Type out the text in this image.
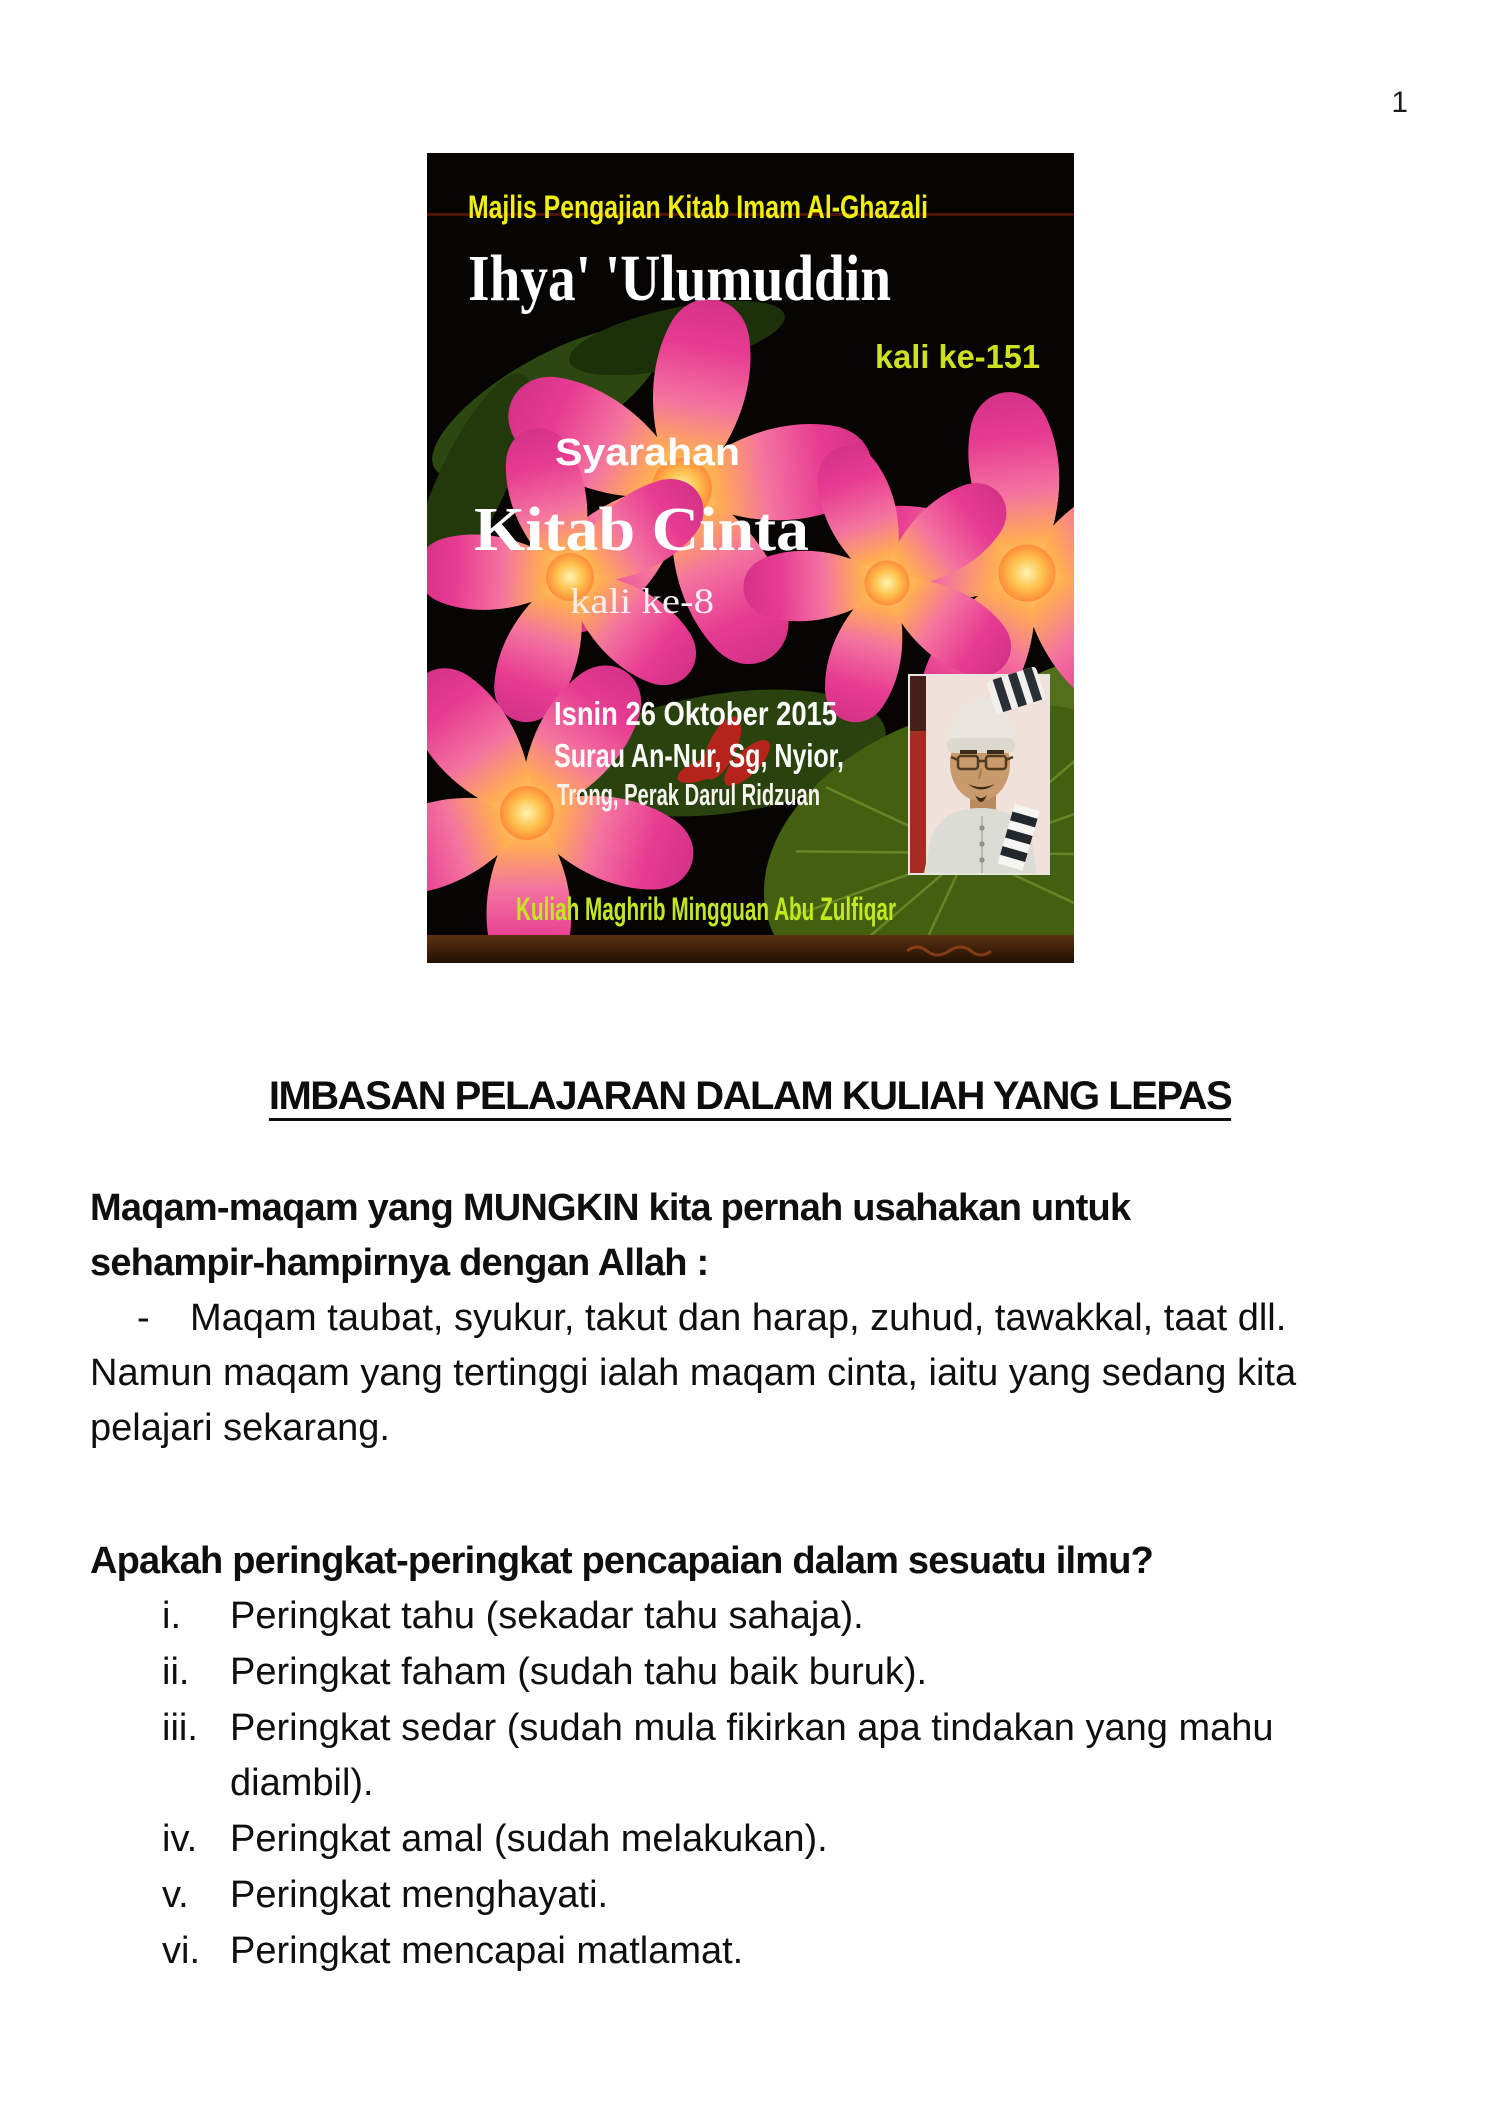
1
Majlis Pengajian Kitab Imam Al-Ghazali
Ihya' 'Ulumuddin
kali ke-151
Syarahan
Kitab Cinta
kali ke-8
Isnin 26 Oktober 2015
Surau An-Nur, Sg, Nyior,
Trong, Perak Darul Ridzuan
Kuliah Maghrib Mingguan Abu Zulfiqar
IMBASAN PELAJARAN DALAM KULIAH YANG LEPAS
Maqam-maqam yang MUNGKIN kita pernah usahakan untuk
sehampir-hampirnya dengan Allah :
-	Maqam taubat, syukur, takut dan harap, zuhud, tawakkal, taat dll.
Namun maqam yang tertinggi ialah maqam cinta, iaitu yang sedang kita
pelajari sekarang.
Apakah peringkat-peringkat pencapaian dalam sesuatu ilmu?
i.	Peringkat tahu (sekadar tahu sahaja).
ii.	Peringkat faham (sudah tahu baik buruk).
iii. Peringkat sedar (sudah mula fikirkan apa tindakan yang mahu diambil).
iv. Peringkat amal (sudah melakukan).
v.	Peringkat menghayati.
vi. Peringkat mencapai matlamat.
